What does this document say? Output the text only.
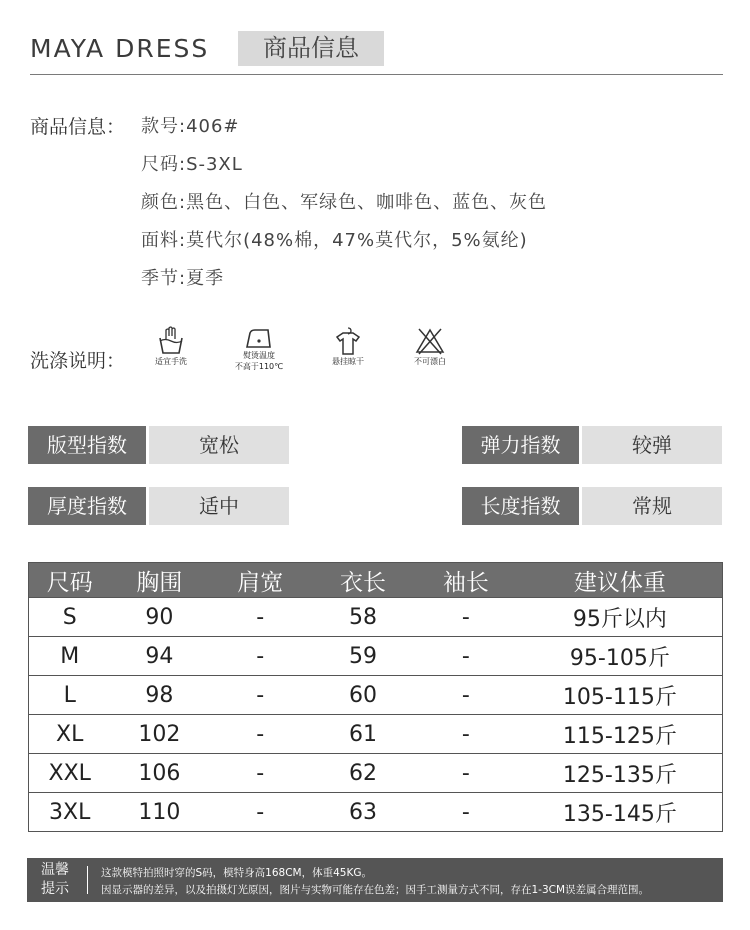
MAYA DRESS	商品信息
商品信息： 款号:406#
尺码:S-3XL
颜色:黑色、白色、军绿色、咖啡色、蓝色、灰色
面料:莫代尔(48%棉，47%莫代尔，5%氨纶)
季节:夏季
洗涤说明：	适宜手洗
熨烫温度
不高于110℃
悬挂晾干	不可漂白
版型指数	宽松	弹力指数	较弹
厚度指数	适中	长度指数	常规
尺码	胸围	肩宽	衣长	袖长	建议体重
S	90	-	58	-	95斤以内
M	94	-	59	-	95-105斤
L	98	-	60	-	105-115斤
XL	102	-	61	-	115-125斤
XXL	106	-	62	-	125-135斤
3XL	110	-	63	-	135-145斤
温馨
提示
这款模特拍照时穿的S码，模特身高168CM，体重45KG。
因显示器的差异，以及拍摄灯光原因，图片与实物可能存在色差；因手工测量方式不同，存在1-3CM误差属合理范围。
